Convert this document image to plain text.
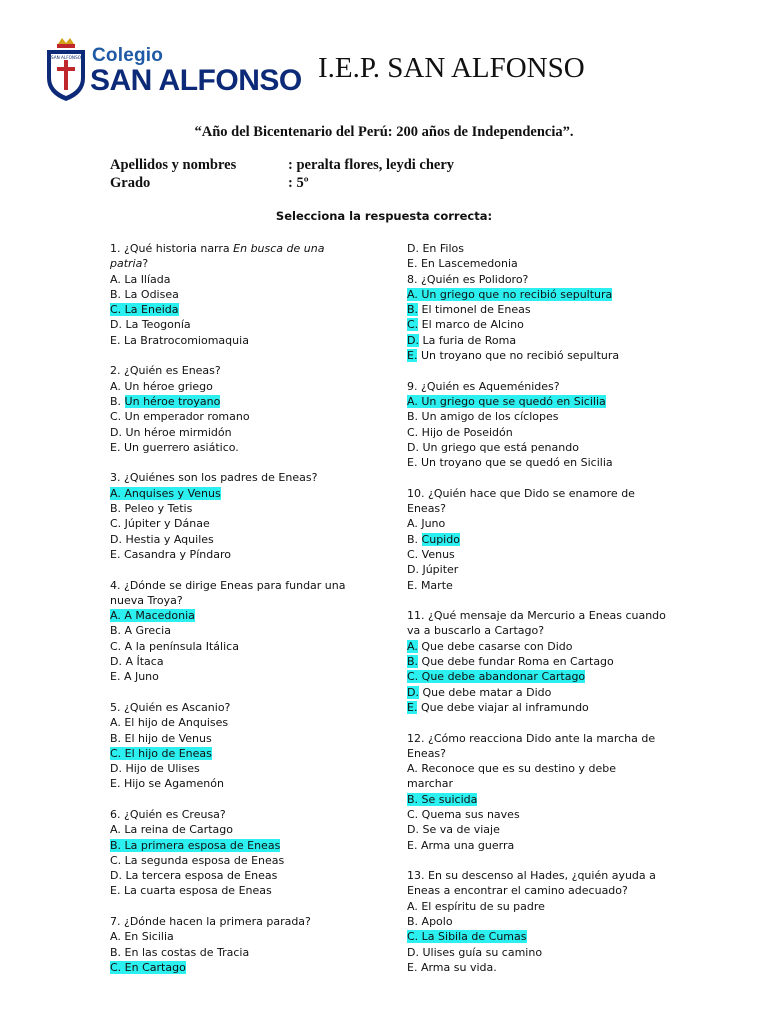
SAN ALFONSO Colegio
SAN ALFONSO I.E.P. SAN ALFONSO
“Año del Bicentenario del Perú: 200 años de Independencia”.
Apellidos y nombres	: peralta flores, leydi chery
Grado	: 5º
Selecciona la respuesta correcta:
1. ¿Qué historia narra En busca de una
patria?
A. La Ilíada
B. La Odisea
C. La Eneida
D. La Teogonía
E. La Bratrocomiomaquia
2. ¿Quién es Eneas?
A. Un héroe griego
B. Un héroe troyano
C. Un emperador romano
D. Un héroe mirmidón
E. Un guerrero asiático.
3. ¿Quiénes son los padres de Eneas?
A. Anquises y Venus
B. Peleo y Tetis
C. Júpiter y Dánae
D. Hestia y Aquiles
E. Casandra y Píndaro
4. ¿Dónde se dirige Eneas para fundar una
nueva Troya?
A. A Macedonia
B. A Grecia
C. A la península Itálica
D. A Ítaca
E. A Juno
5. ¿Quién es Ascanio?
A. El hijo de Anquises
B. El hijo de Venus
C. El hijo de Eneas
D. Hijo de Ulises
E. Hijo se Agamenón
6. ¿Quién es Creusa?
A. La reina de Cartago
B. La primera esposa de Eneas
C. La segunda esposa de Eneas
D. La tercera esposa de Eneas
E. La cuarta esposa de Eneas
7. ¿Dónde hacen la primera parada?
A. En Sicilia
B. En las costas de Tracia
C. En Cartago
D. En Filos
E. En Lascemedonia
8. ¿Quién es Polidoro?
A. Un griego que no recibió sepultura
B. El timonel de Eneas
C. El marco de Alcino
D. La furia de Roma
E. Un troyano que no recibió sepultura
9. ¿Quién es Aqueménides?
A. Un griego que se quedó en Sicilia
B. Un amigo de los cíclopes
C. Hijo de Poseidón
D. Un griego que está penando
E. Un troyano que se quedó en Sicilia
10. ¿Quién hace que Dido se enamore de
Eneas?
A. Juno
B. Cupido
C. Venus
D. Júpiter
E. Marte
11. ¿Qué mensaje da Mercurio a Eneas cuando
va a buscarlo a Cartago?
A. Que debe casarse con Dido
B. Que debe fundar Roma en Cartago
C. Que debe abandonar Cartago
D. Que debe matar a Dido
E. Que debe viajar al inframundo
12. ¿Cómo reacciona Dido ante la marcha de
Eneas?
A. Reconoce que es su destino y debe
marchar
B. Se suicida
C. Quema sus naves
D. Se va de viaje
E. Arma una guerra
13. En su descenso al Hades, ¿quién ayuda a
Eneas a encontrar el camino adecuado?
A. El espíritu de su padre
B. Apolo
C. La Sibila de Cumas
D. Ulises guía su camino
E. Arma su vida.
